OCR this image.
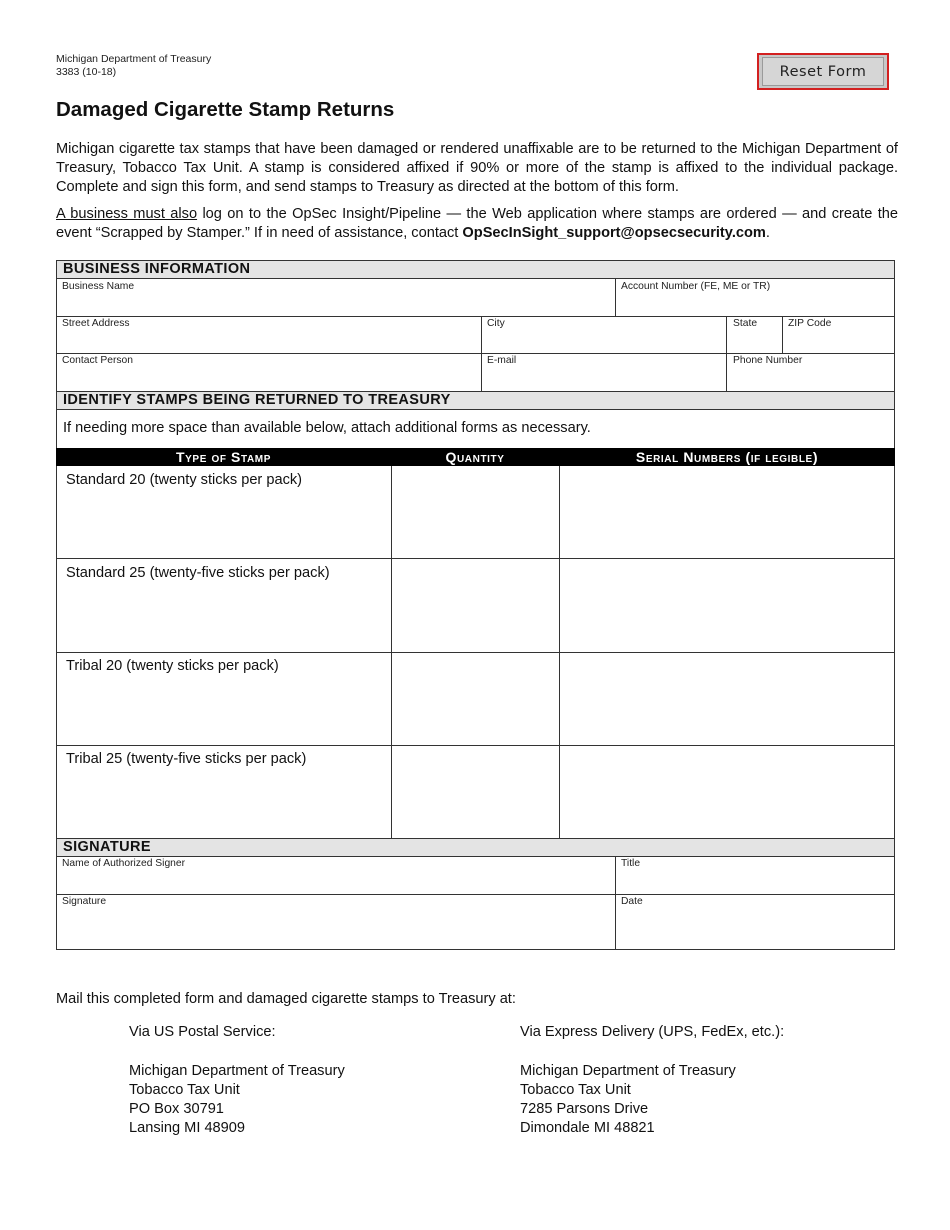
Michigan Department of Treasury
3383 (10-18)	Reset Form
Damaged Cigarette Stamp Returns

Michigan cigarette tax stamps that have been damaged or rendered unaffixable are to be returned to the Michigan Department of Treasury, Tobacco Tax Unit. A stamp is considered affixed if 90% or more of the stamp is affixed to the individual package. Complete and sign this form, and send stamps to Treasury as directed at the bottom of this form.

A business must also log on to the OpSec Insight/Pipeline — the Web application where stamps are ordered — and create the event “Scrapped by Stamper.” If in need of assistance, contact OpSecInSight_support@opsecsecurity.com.

BUSINESS INFORMATION
Business Name	Account Number (FE, ME or TR)
Street Address	City	State	ZIP Code
Contact Person	E-mail	Phone Number
IDENTIFY STAMPS BEING RETURNED TO TREASURY
If needing more space than available below, attach additional forms as necessary.
Type of Stamp	Quantity	Serial Numbers (if legible)
Standard 20 (twenty sticks per pack)
Standard 25 (twenty-five sticks per pack)
Tribal 20 (twenty sticks per pack)
Tribal 25 (twenty-five sticks per pack)
SIGNATURE
Name of Authorized Signer	Title
Signature	Date
Mail this completed form and damaged cigarette stamps to Treasury at:
Via US Postal Service:
Michigan Department of Treasury
Tobacco Tax Unit
PO Box 30791
Lansing MI 48909
Via Express Delivery (UPS, FedEx, etc.):
Michigan Department of Treasury
Tobacco Tax Unit
7285 Parsons Drive
Dimondale MI 48821
